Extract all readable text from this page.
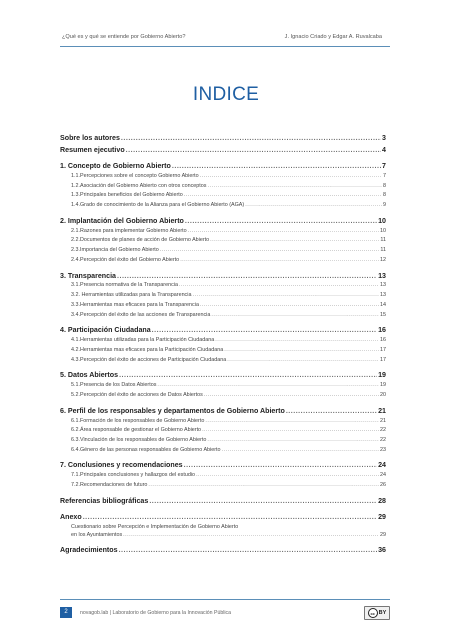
¿Qué es y qué se entiende por Gobierno Abierto?	J. Ignacio Criado y Edgar A. Ruvalcaba
INDICE
Sobre los autores .....	3
Resumen ejecutivo .....	4
1. Concepto de Gobierno Abierto .....	7
1.1.Percepciones sobre el concepto Gobierno Abierto .....	7
1.2.Asociación del Gobierno Abierto con otros conceptos .....	8
1.3.Principales beneficios del Gobierno Abierto .....	8
1.4.Grado de conocimiento de la Alianza para el Gobierno Abierto (AGA) .....	9
2. Implantación del Gobierno Abierto .....	10
2.1.Razones para implementar Gobierno Abierto .....	10
2.2.Documentos de planes de acción de Gobierno Abierto .....	11
2.3.Importancia del Gobierno Abierto .....	11
2.4.Percepción del éxito del Gobierno Abierto .....	12
3. Transparencia .....	13
3.1.Presencia normativa de la Transparencia .....	13
3.2. Herramientas utilizadas para la Transparencia .....	13
3.3.Herramientas mas eficaces para la Transparencia .....	14
3.4.Percepción del éxito de las acciones de Transparencia .....	15
4. Participación Ciudadana .....	16
4.1.Herramientas utilizadas para la Participación Ciudadana .....	16
4.2.Herramientas mas eficaces para la Participación Ciudadana .....	17
4.3.Percepción del éxito de acciones de Participación Ciudadana .....	17
5. Datos Abiertos .....	19
5.1.Presencia de los Datos Abiertos .....	19
5.2.Percepción del éxito de acciones de Datos Abiertos .....	20
6. Perfil de los responsables y departamentos de Gobierno Abierto .....	21
6.1.Formación de los responsables de Gobierno Abierto .....	21
6.2.Área responsable de gestionar el Gobierno Abierto .....	22
6.3.Vinculación de los responsables de Gobierno Abierto .....	22
6.4.Género de las personas responsables de Gobierno Abierto .....	23
7. Conclusiones y recomendaciones .....	24
7.1.Principales conclusiones y hallazgos del estudio .....	24
7.2.Recomendaciones de futuro .....	26
Referencias bibliográficas .....	28
Anexo .....	29
Cuestionario sobre Percepción e Implementación de Gobierno Abierto
en los Ayuntamientos .....	29
Agradecimientos .....	36
2	novagob.lab | Laboratorio de Gobierno para la Innovación Pública	cc BY
